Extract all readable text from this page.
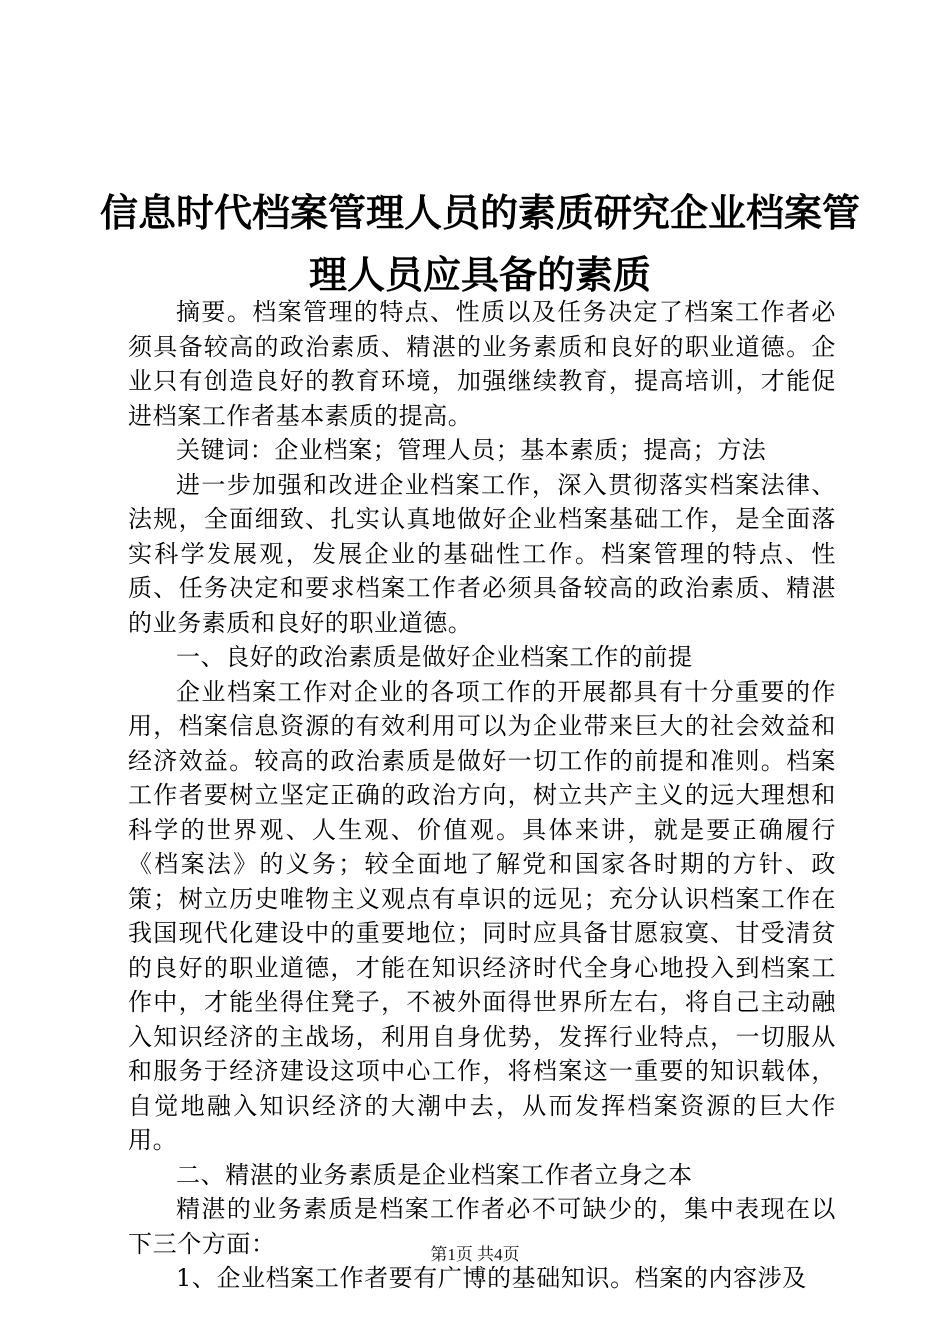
信息时代档案管理人员的素质研究企业档案管
理人员应具备的素质

摘要。档案管理的特点、性质以及任务决定了档案工作者必须具备较高的政治素质、精湛的业务素质和良好的职业道德。企业只有创造良好的教育环境，加强继续教育，提高培训，才能促进档案工作者基本素质的提高。

关键词：企业档案；管理人员；基本素质；提高；方法

进一步加强和改进企业档案工作，深入贯彻落实档案法律、法规，全面细致、扎实认真地做好企业档案基础工作，是全面落实科学发展观，发展企业的基础性工作。档案管理的特点、性质、任务决定和要求档案工作者必须具备较高的政治素质、精湛的业务素质和良好的职业道德。

一、良好的政治素质是做好企业档案工作的前提

企业档案工作对企业的各项工作的开展都具有十分重要的作用，档案信息资源的有效利用可以为企业带来巨大的社会效益和经济效益。较高的政治素质是做好一切工作的前提和准则。档案工作者要树立坚定正确的政治方向，树立共产主义的远大理想和科学的世界观、人生观、价值观。具体来讲，就是要正确履行《档案法》的义务；较全面地了解党和国家各时期的方针、政策；树立历史唯物主义观点有卓识的远见；充分认识档案工作在我国现代化建设中的重要地位；同时应具备甘愿寂寞、甘受清贫的良好的职业道德，才能在知识经济时代全身心地投入到档案工作中，才能坐得住凳子，不被外面得世界所左右，将自己主动融入知识经济的主战场，利用自身优势，发挥行业特点，一切服从和服务于经济建设这项中心工作，将档案这一重要的知识载体，自觉地融入知识经济的大潮中去，从而发挥档案资源的巨大作用。

二、精湛的业务素质是企业档案工作者立身之本

精湛的业务素质是档案工作者必不可缺少的，集中表现在以下三个方面：

1、企业档案工作者要有广博的基础知识。档案的内容涉及

第1页 共4页
